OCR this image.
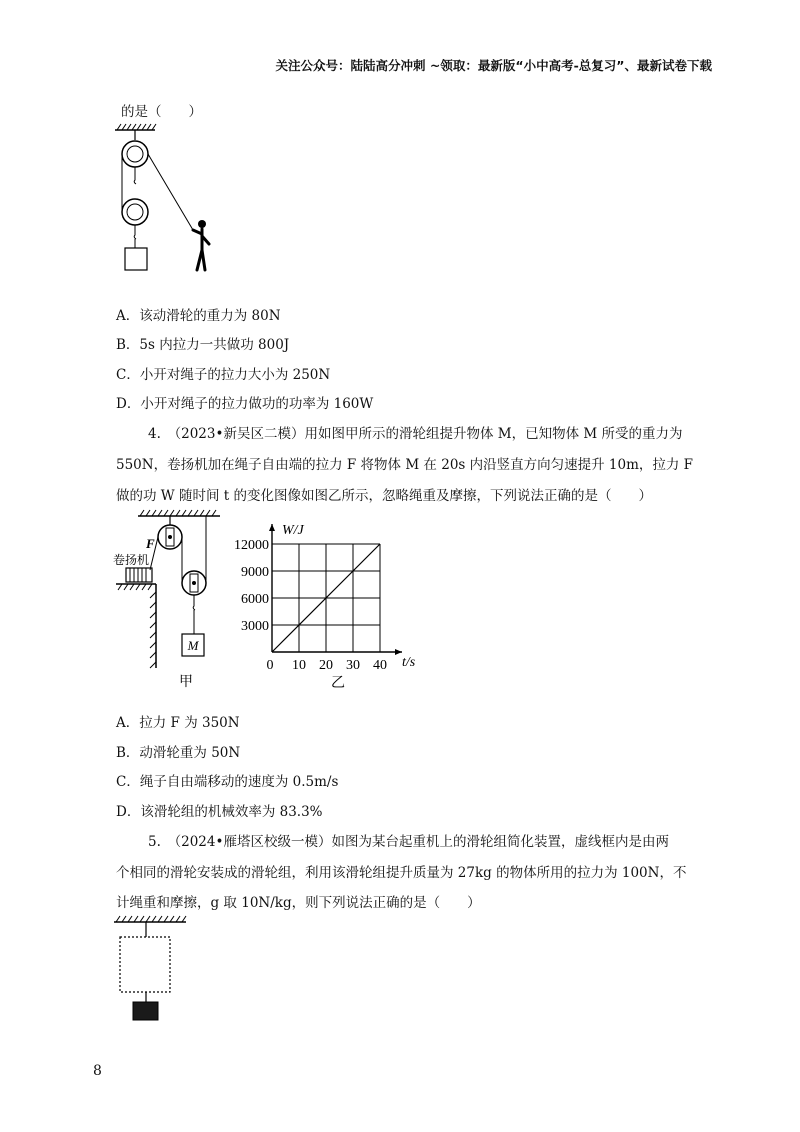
关注公众号：陆陆高分冲刺 ~领取：最新版“小中高考-总复习”、最新试卷下载
的是（　　）
A．该动滑轮的重力为 80N
B．5s 内拉力一共做功 800J
C．小开对绳子的拉力大小为 250N
D．小开对绳子的拉力做功的功率为 160W
4.　（2023•新吴区二模）用如图甲所示的滑轮组提升物体 M，已知物体 M 所受的重力为
550N，卷扬机加在绳子自由端的拉力 F 将物体 M 在 20s 内沿竖直方向匀速提升 10m，拉力 F
做的功 W 随时间 t 的变化图像如图乙所示，忽略绳重及摩擦，下列说法正确的是（　　）
M
F
卷扬机
甲
0 10 20 30 40
3000
6000
9000
12000
W/J
t/s
乙
A．拉力 F 为 350N
B．动滑轮重为 50N
C．绳子自由端移动的速度为 0.5m/s
D．该滑轮组的机械效率为 83.3%
5.　（2024•雁塔区校级一模）如图为某台起重机上的滑轮组简化装置，虚线框内是由两
个相同的滑轮安装成的滑轮组，利用该滑轮组提升质量为 27kg 的物体所用的拉力为 100N，不
计绳重和摩擦，g 取 10N/kg，则下列说法正确的是（　　）
8
